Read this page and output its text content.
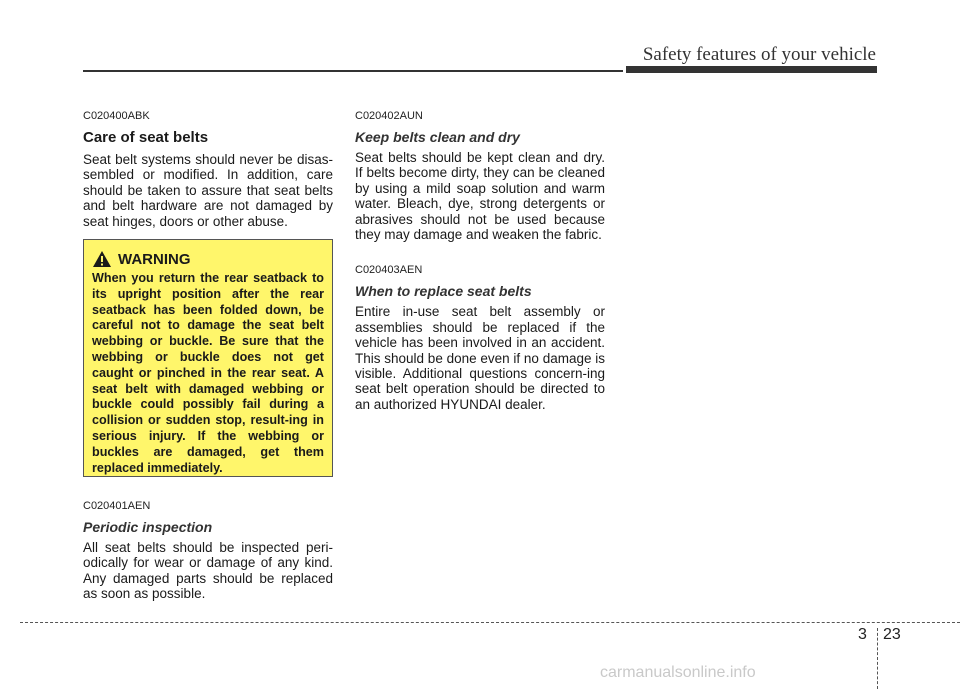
Safety features of your vehicle

C020400ABK

Care of seat belts

Seat belt systems should never be disas-sembled or modified. In addition, care should be taken to assure that seat belts and belt hardware are not damaged by seat hinges, doors or other abuse.

WARNING

When you return the rear seatback to its upright position after the rear seatback has been folded down, be careful not to damage the seat belt webbing or buckle. Be sure that the webbing or buckle does not get caught or pinched in the rear seat. A seat belt with damaged webbing or buckle could possibly fail during a collision or sudden stop, result-ing in serious injury. If the webbing or buckles are damaged, get them replaced immediately.

C020401AEN

Periodic inspection

All seat belts should be inspected peri-odically for wear or damage of any kind. Any damaged parts should be replaced as soon as possible.

C020402AUN

Keep belts clean and dry

Seat belts should be kept clean and dry. If belts become dirty, they can be cleaned by using a mild soap solution and warm water. Bleach, dye, strong detergents or abrasives should not be used because they may damage and weaken the fabric.

C020403AEN

When to replace seat belts

Entire in-use seat belt assembly or assemblies should be replaced if the vehicle has been involved in an accident. This should be done even if no damage is visible. Additional questions concern-ing seat belt operation should be directed to an authorized HYUNDAI dealer.

3 23
carmanualsonline.info
